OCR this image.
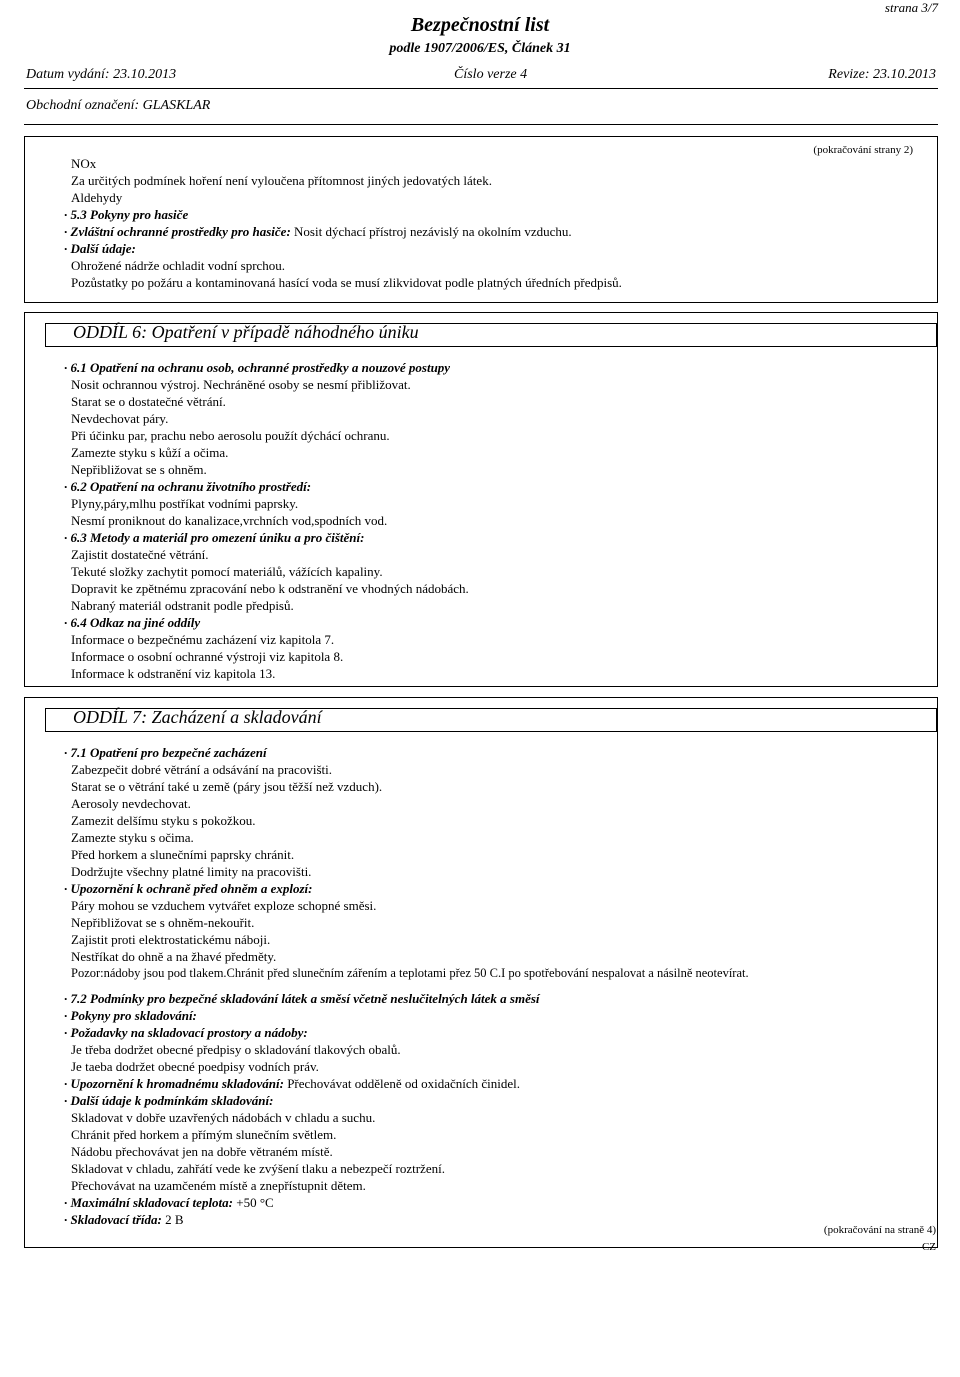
strana 3/7
Bezpečnostní list
podle 1907/2006/ES, Článek 31
Datum vydání: 23.10.2013	Číslo verze 4	Revize: 23.10.2013
Obchodní označení: GLASKLAR
(pokračování strany 2)
NOx
Za určitých podmínek hoření není vyloučena přítomnost jiných jedovatých látek.
Aldehydy
· 5.3 Pokyny pro hasiče
· Zvláštní ochranné prostředky pro hasiče: Nosit dýchací přístroj nezávislý na okolním vzduchu.
· Další údaje:
Ohrožené nádrže ochladit vodní sprchou.
Pozůstatky po požáru a kontaminovaná hasící voda se musí zlikvidovat podle platných úředních předpisů.
ODDÍL 6: Opatření v případě náhodného úniku
· 6.1 Opatření na ochranu osob, ochranné prostředky a nouzové postupy
Nosit ochrannou výstroj. Nechráněné osoby se nesmí přibližovat.
Starat se o dostatečné větrání.
Nevdechovat páry.
Při účinku par, prachu nebo aerosolu použít dýchácí ochranu.
Zamezte styku s kůží a očima.
Nepřibližovat se s ohněm.
· 6.2 Opatření na ochranu životního prostředí:
Plyny,páry,mlhu postříkat vodními paprsky.
Nesmí proniknout do kanalizace,vrchních vod,spodních vod.
· 6.3 Metody a materiál pro omezení úniku a pro čištění:
Zajistit dostatečné větrání.
Tekuté složky zachytit pomocí materiálů, vážících kapaliny.
Dopravit ke zpětnému zpracování nebo k odstranění ve vhodných nádobách.
Nabraný materiál odstranit podle předpisů.
· 6.4 Odkaz na jiné oddíly
Informace o bezpečnému zacházení viz kapitola 7.
Informace o osobní ochranné výstroji viz kapitola 8.
Informace k odstranění viz kapitola 13.
ODDÍL 7: Zacházení a skladování
· 7.1 Opatření pro bezpečné zacházení
Zabezpečit dobré větrání a odsávání na pracovišti.
Starat se o větrání také u země (páry jsou těžší než vzduch).
Aerosoly nevdechovat.
Zamezit delšímu styku s pokožkou.
Zamezte styku s očima.
Před horkem a slunečními paprsky chránit.
Dodržujte všechny platné limity na pracovišti.
· Upozornění k ochraně před ohněm a explozí:
Páry mohou se vzduchem vytvářet exploze schopné směsi.
Nepřibližovat se s ohněm-nekouřit.
Zajistit proti elektrostatickému náboji.
Nestříkat do ohně a na žhavé předměty.
Pozor:nádoby jsou pod tlakem.Chránit před slunečním zářením a teplotami přez 50 C.I po spotřebování nespalovat a násilně neotevírat.
· 7.2 Podmínky pro bezpečné skladování látek a směsí včetně neslučitelných látek a směsí
· Pokyny pro skladování:
· Požadavky na skladovací prostory a nádoby:
Je třeba dodržet obecné předpisy o skladování tlakových obalů.
Je taeba dodržet obecné poedpisy vodních práv.
· Upozornění k hromadnému skladování: Přechovávat odděleně od oxidačních činidel.
· Další údaje k podmínkám skladování:
Skladovat v dobře uzavřených nádobách v chladu a suchu.
Chránit před horkem a přímým slunečním světlem.
Nádobu přechovávat jen na dobře větraném místě.
Skladovat v chladu, zahřátí vede ke zvýšení tlaku a nebezpečí roztržení.
Přechovávat na uzamčeném místě a znepřístupnit dětem.
· Maximální skladovací teplota: +50 °C
· Skladovací třída: 2 B
(pokračování na straně 4)
CZ
